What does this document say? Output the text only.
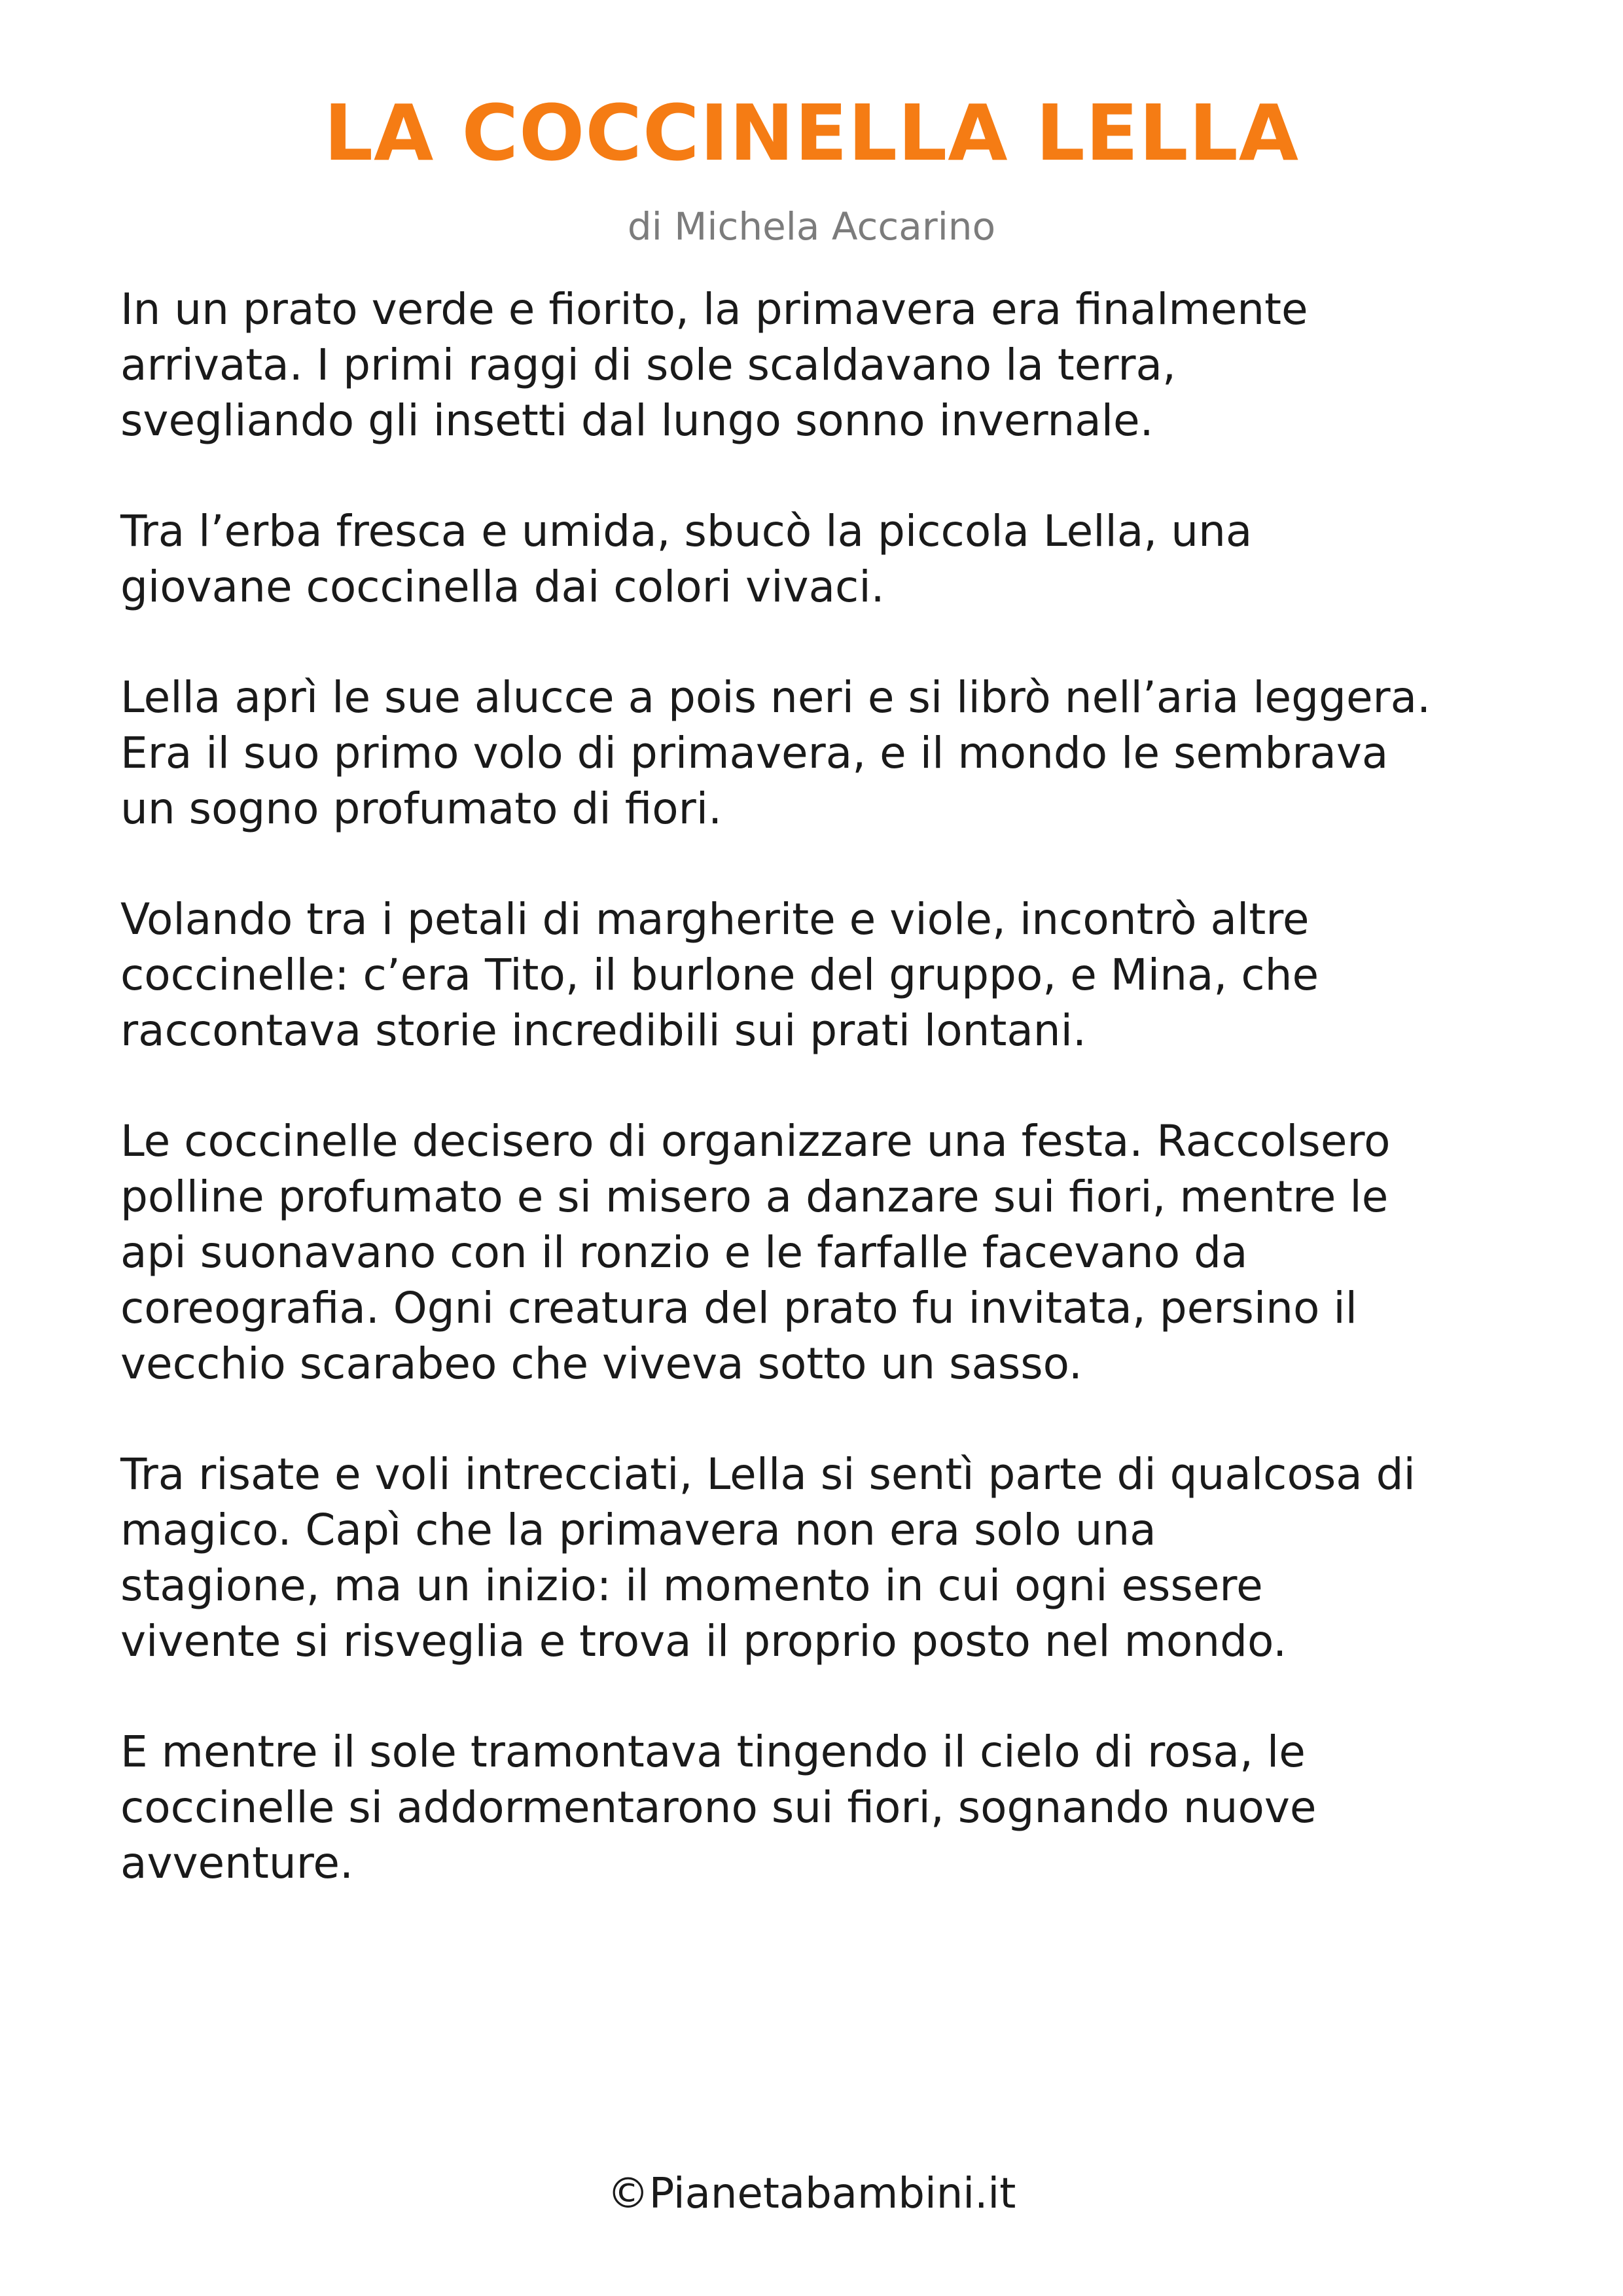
LA COCCINELLA LELLA
di Michela Accarino

In un prato verde e fiorito, la primavera era finalmente
arrivata. I primi raggi di sole scaldavano la terra,
svegliando gli insetti dal lungo sonno invernale.

Tra l’erba fresca e umida, sbucò la piccola Lella, una
giovane coccinella dai colori vivaci.

Lella aprì le sue alucce a pois neri e si librò nell’aria leggera.
Era il suo primo volo di primavera, e il mondo le sembrava
un sogno profumato di fiori.

Volando tra i petali di margherite e viole, incontrò altre
coccinelle: c’era Tito, il burlone del gruppo, e Mina, che
raccontava storie incredibili sui prati lontani.

Le coccinelle decisero di organizzare una festa. Raccolsero
polline profumato e si misero a danzare sui fiori, mentre le
api suonavano con il ronzio e le farfalle facevano da
coreografia. Ogni creatura del prato fu invitata, persino il
vecchio scarabeo che viveva sotto un sasso.

Tra risate e voli intrecciati, Lella si sentì parte di qualcosa di
magico. Capì che la primavera non era solo una
stagione, ma un inizio: il momento in cui ogni essere
vivente si risveglia e trova il proprio posto nel mondo.

E mentre il sole tramontava tingendo il cielo di rosa, le
coccinelle si addormentarono sui fiori, sognando nuove
avventure.

©Pianetabambini.it
